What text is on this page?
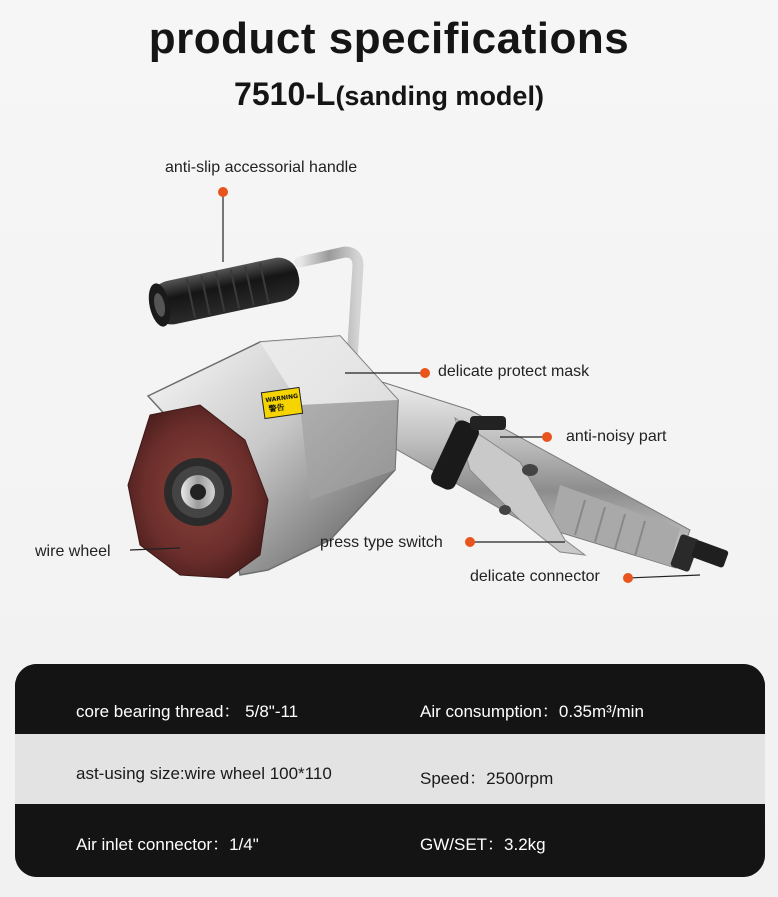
product specifications
7510-L(sanding model)
WARNING
警告
anti-slip accessorial handle
delicate protect mask
anti-noisy part
wire wheel
press type switch
delicate connector
core bearing thread： 5/8"-11	Air consumption：0.35m³/min
ast-using size:wire wheel 100*110	Speed：2500rpm
Air inlet connector：1/4"	GW/SET：3.2kg
